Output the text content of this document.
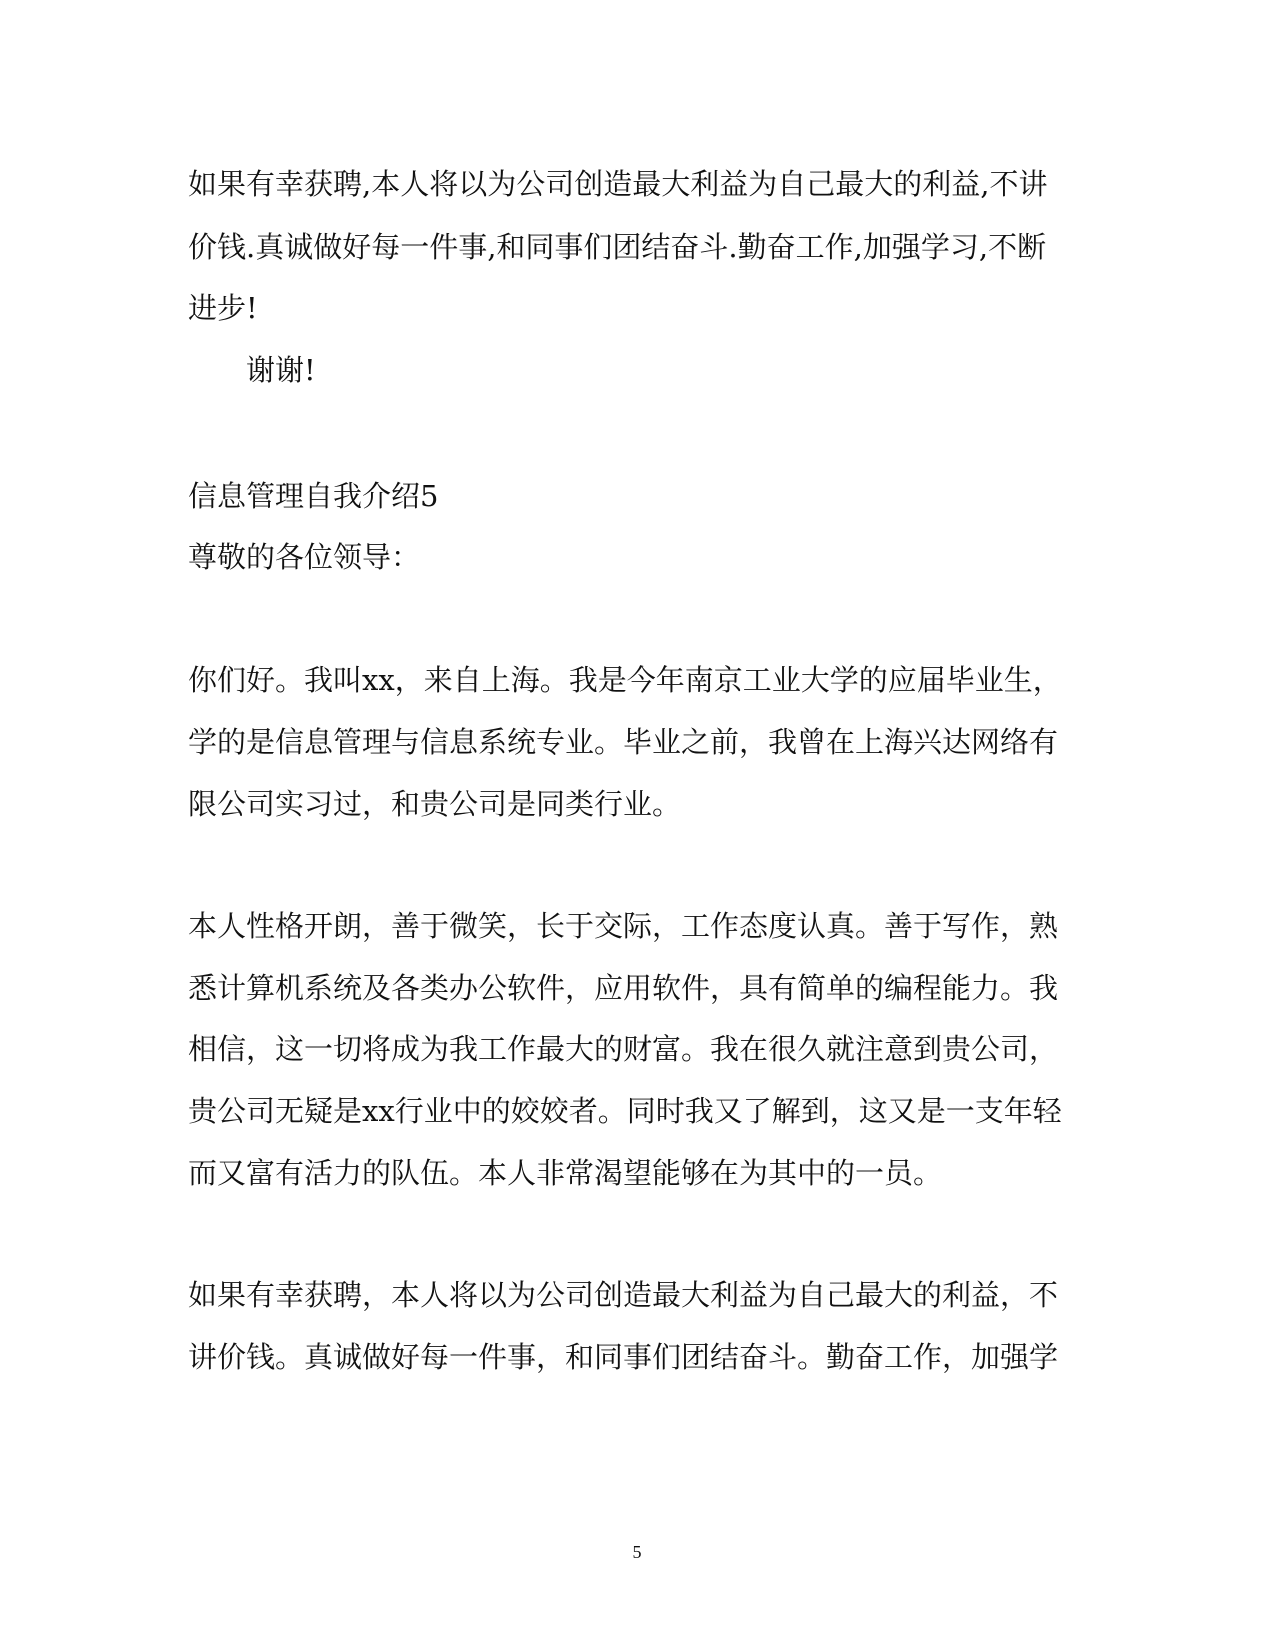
如果有幸获聘,本人将以为公司创造最大利益为自己最大的利益,不讲
价钱.真诚做好每一件事,和同事们团结奋斗.勤奋工作,加强学习,不断
进步!
谢谢!
信息管理自我介绍5
尊敬的各位领导：
你们好。我叫xx，来自上海。我是今年南京工业大学的应届毕业生，
学的是信息管理与信息系统专业。毕业之前，我曾在上海兴达网络有
限公司实习过，和贵公司是同类行业。
本人性格开朗，善于微笑，长于交际，工作态度认真。善于写作，熟
悉计算机系统及各类办公软件，应用软件，具有简单的编程能力。我
相信，这一切将成为我工作最大的财富。我在很久就注意到贵公司，
贵公司无疑是xx行业中的姣姣者。同时我又了解到，这又是一支年轻
而又富有活力的队伍。本人非常渴望能够在为其中的一员。
如果有幸获聘，本人将以为公司创造最大利益为自己最大的利益，不
讲价钱。真诚做好每一件事，和同事们团结奋斗。勤奋工作，加强学
5
